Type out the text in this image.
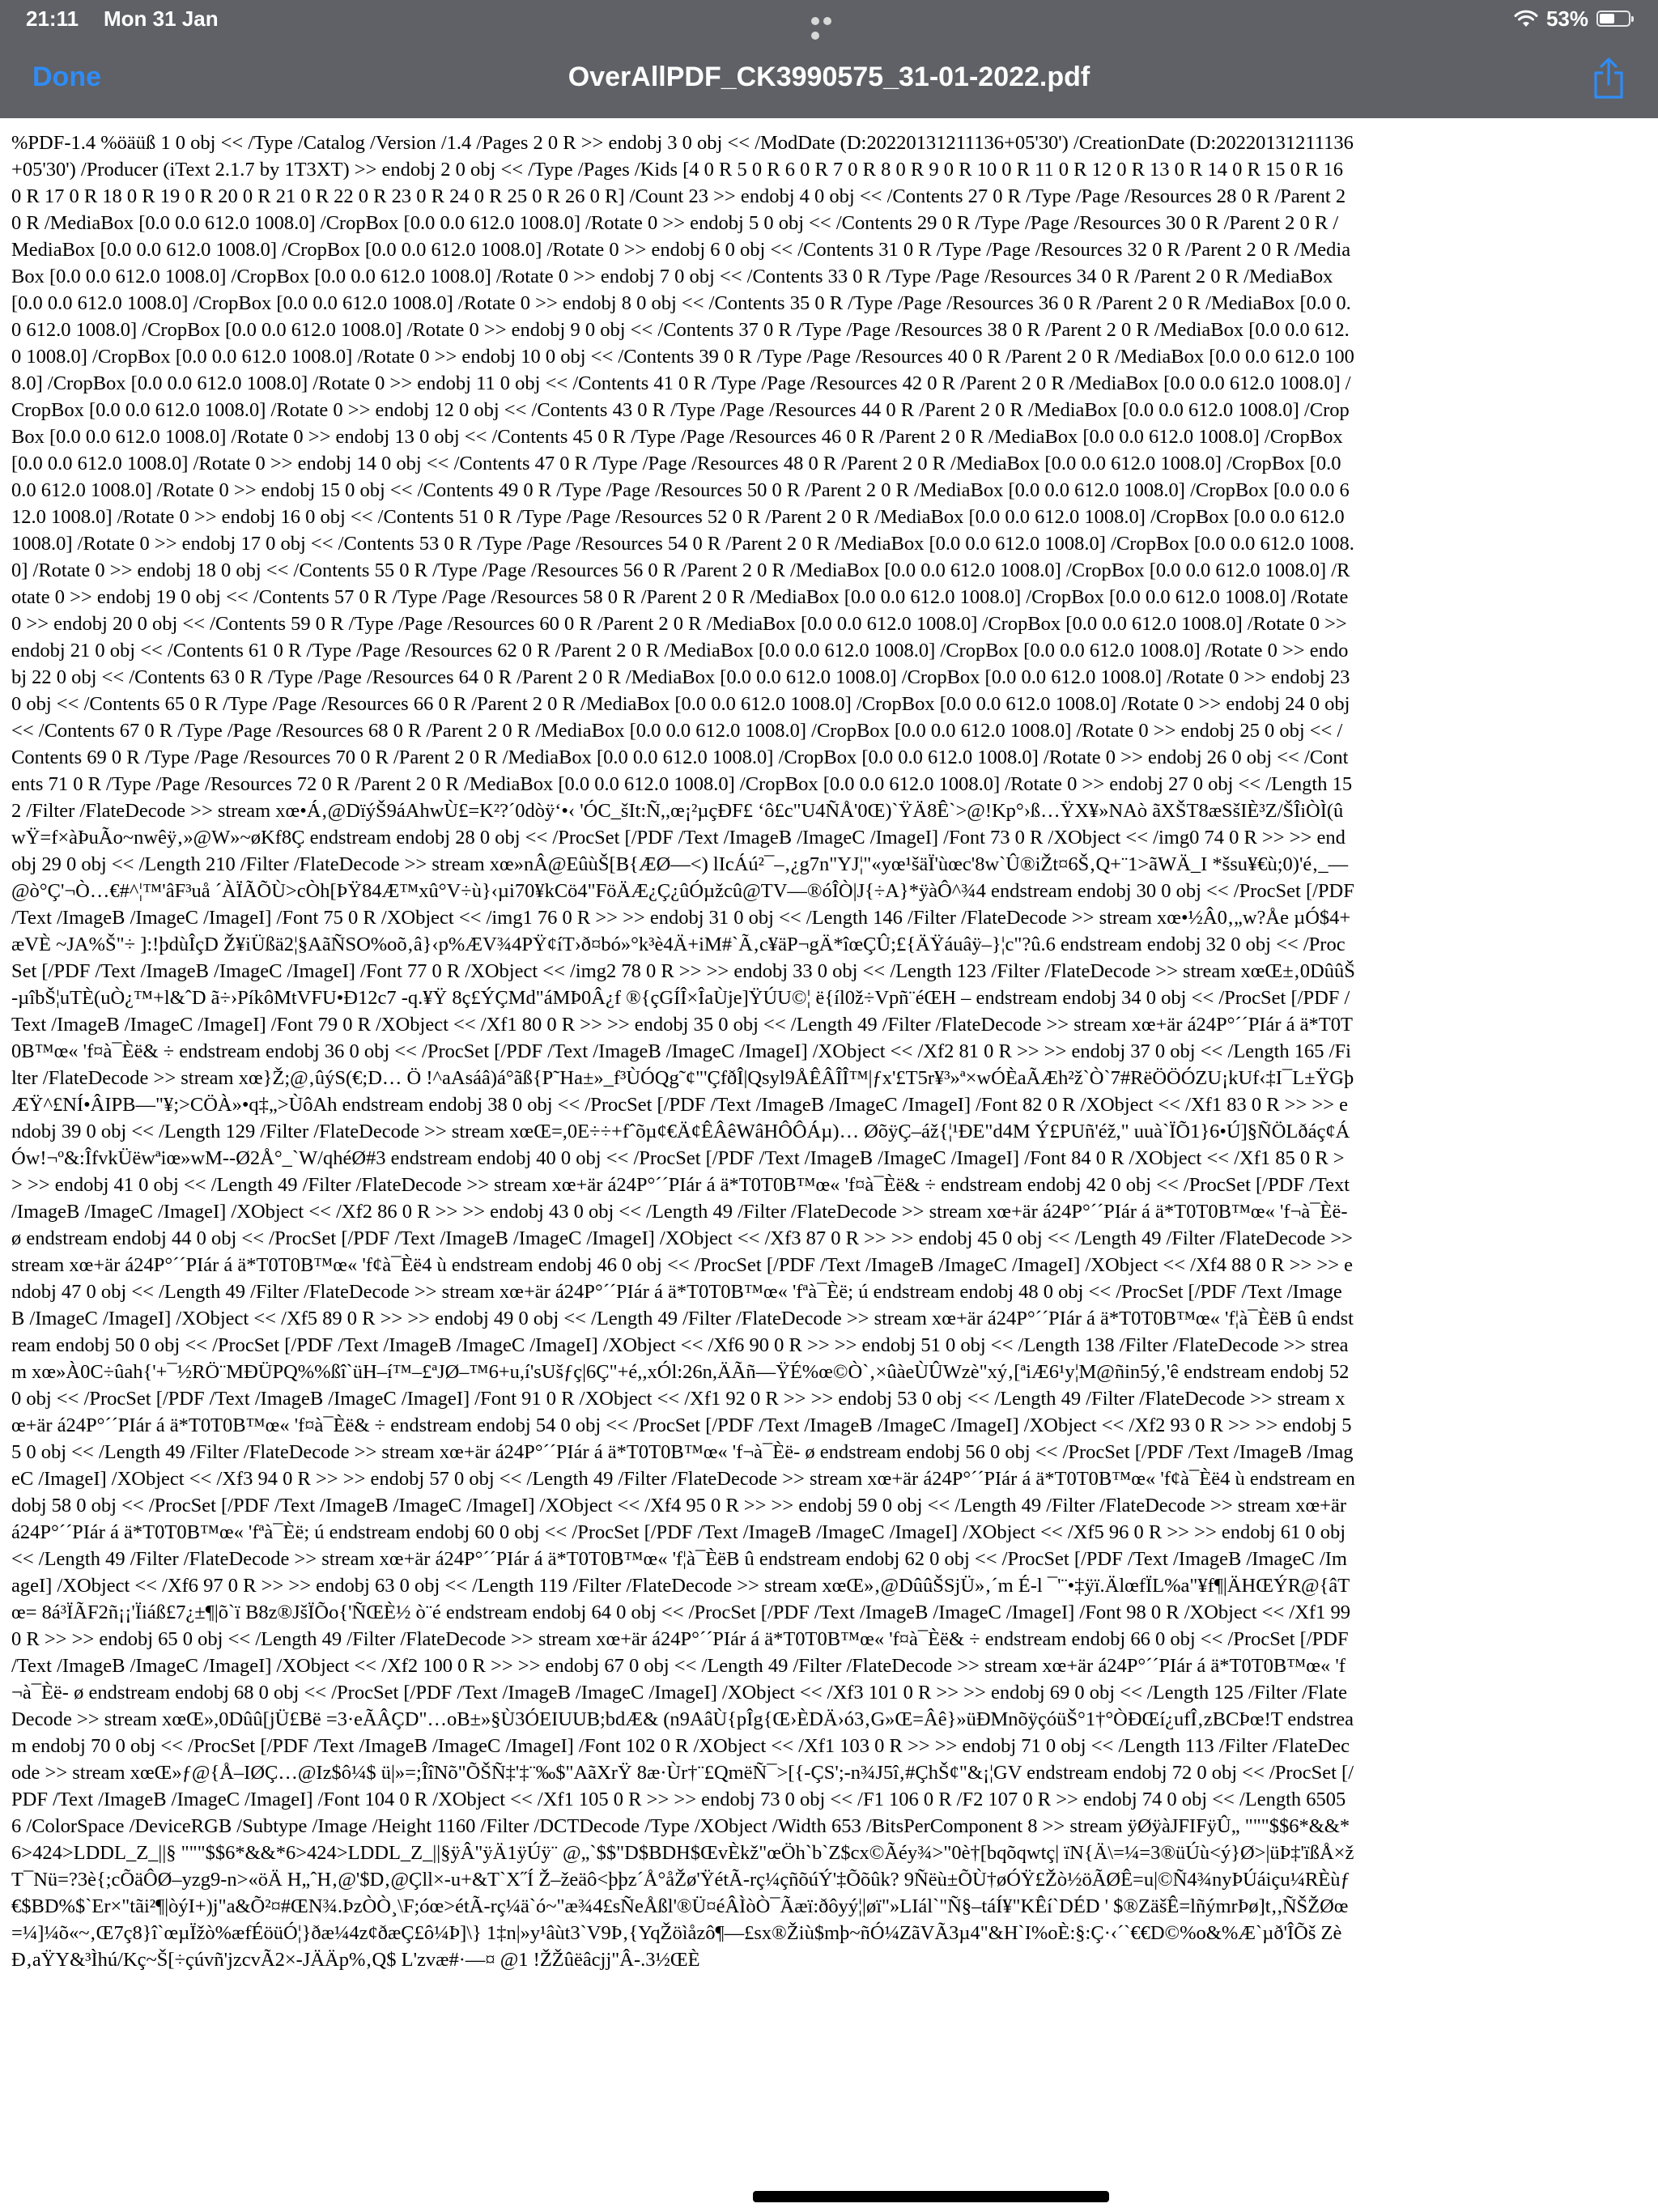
21:11 Mon 31 Jan	53%
Done	OverAllPDF_CK3990575_31-01-2022.pdf
%PDF-1.4 %öäüß 1 0 obj << /Type /Catalog /Version /1.4 /Pages 2 0 R >> endobj 3 0 obj << /ModDate (D:20220131211136+05'30') /CreationDate (D:20220131211136+05'30') /Producer (iText 2.1.7 by 1T3XT) >> endobj 2 0 obj << /Type /Pages /Kids [4 0 R 5 0 R 6 0 R 7 0 R 8 0 R 9 0 R 10 0 R 11 0 R 12 0 R 13 0 R 14 0 R 15 0 R 16 0 R 17 0 R 18 0 R 19 0 R 20 0 R 21 0 R 22 0 R 23 0 R 24 0 R 25 0 R 26 0 R] /Count 23 >> endobj 4 0 obj << /Contents 27 0 R /Type /Page /Resources 28 0 R /Parent 2 0 R /MediaBox [0.0 0.0 612.0 1008.0] /CropBox [0.0 0.0 612.0 1008.0] /Rotate 0 >> endobj 5 0 obj << /Contents 29 0 R /Type /Page /Resources 30 0 R /Parent 2 0 R /MediaBox [0.0 0.0 612.0 1008.0] /CropBox [0.0 0.0 612.0 1008.0] /Rotate 0 >> endobj 6 0 obj << /Contents 31 0 R /Type /Page /Resources 32 0 R /Parent 2 0 R /MediaBox [0.0 0.0 612.0 1008.0] /CropBox [0.0 0.0 612.0 1008.0] /Rotate 0 >> endobj 7 0 obj << /Contents 33 0 R /Type /Page /Resources 34 0 R /Parent 2 0 R /MediaBox [0.0 0.0 612.0 1008.0] /CropBox [0.0 0.0 612.0 1008.0] /Rotate 0 >> endobj 8 0 obj << /Contents 35 0 R /Type /Page /Resources 36 0 R /Parent 2 0 R /MediaBox [0.0 0.0 612.0 1008.0] /CropBox [0.0 0.0 612.0 1008.0] /Rotate 0 >> endobj 9 0 obj << /Contents 37 0 R /Type /Page /Resources 38 0 R /Parent 2 0 R /MediaBox [0.0 0.0 612.0 1008.0] /CropBox [0.0 0.0 612.0 1008.0] /Rotate 0 >> endobj 10 0 obj << /Contents 39 0 R /Type /Page /Resources 40 0 R /Parent 2 0 R /MediaBox [0.0 0.0 612.0 1008.0] /CropBox [0.0 0.0 612.0 1008.0] /Rotate 0 >> endobj 11 0 obj << /Contents 41 0 R /Type /Page /Resources 42 0 R /Parent 2 0 R /MediaBox [0.0 0.0 612.0 1008.0] /CropBox [0.0 0.0 612.0 1008.0] /Rotate 0 >> endobj 12 0 obj << /Contents 43 0 R /Type /Page /Resources 44 0 R /Parent 2 0 R /MediaBox [0.0 0.0 612.0 1008.0] /CropBox [0.0 0.0 612.0 1008.0] /Rotate 0 >> endobj 13 0 obj << /Contents 45 0 R /Type /Page /Resources 46 0 R /Parent 2 0 R /MediaBox [0.0 0.0 612.0 1008.0] /CropBox [0.0 0.0 612.0 1008.0] /Rotate 0 >> endobj 14 0 obj << /Contents 47 0 R /Type /Page /Resources 48 0 R /Parent 2 0 R /MediaBox [0.0 0.0 612.0 1008.0] /CropBox [0.0 0.0 612.0 1008.0] /Rotate 0 >> endobj 15 0 obj << /Contents 49 0 R /Type /Page /Resources 50 0 R /Parent 2 0 R /MediaBox [0.0 0.0 612.0 1008.0] /CropBox [0.0 0.0 612.0 1008.0] /Rotate 0 >> endobj 16 0 obj << /Contents 51 0 R /Type /Page /Resources 52 0 R /Parent 2 0 R /MediaBox [0.0 0.0 612.0 1008.0] /CropBox [0.0 0.0 612.0 1008.0] /Rotate 0 >> endobj 17 0 obj << /Contents 53 0 R /Type /Page /Resources 54 0 R /Parent 2 0 R /MediaBox [0.0 0.0 612.0 1008.0] /CropBox [0.0 0.0 612.0 1008.0] /Rotate 0 >> endobj 18 0 obj << /Contents 55 0 R /Type /Page /Resources 56 0 R /Parent 2 0 R /MediaBox [0.0 0.0 612.0 1008.0] /CropBox [0.0 0.0 612.0 1008.0] /Rotate 0 >> endobj 19 0 obj << /Contents 57 0 R /Type /Page /Resources 58 0 R /Parent 2 0 R /MediaBox [0.0 0.0 612.0 1008.0] /CropBox [0.0 0.0 612.0 1008.0] /Rotate 0 >> endobj 20 0 obj << /Contents 59 0 R /Type /Page /Resources 60 0 R /Parent 2 0 R /MediaBox [0.0 0.0 612.0 1008.0] /CropBox [0.0 0.0 612.0 1008.0] /Rotate 0 >> endobj 21 0 obj << /Contents 61 0 R /Type /Page /Resources 62 0 R /Parent 2 0 R /MediaBox [0.0 0.0 612.0 1008.0] /CropBox [0.0 0.0 612.0 1008.0] /Rotate 0 >> endobj 22 0 obj << /Contents 63 0 R /Type /Page /Resources 64 0 R /Parent 2 0 R /MediaBox [0.0 0.0 612.0 1008.0] /CropBox [0.0 0.0 612.0 1008.0] /Rotate 0 >> endobj 23 0 obj << /Contents 65 0 R /Type /Page /Resources 66 0 R /Parent 2 0 R /MediaBox [0.0 0.0 612.0 1008.0] /CropBox [0.0 0.0 612.0 1008.0] /Rotate 0 >> endobj 24 0 obj << /Contents 67 0 R /Type /Page /Resources 68 0 R /Parent 2 0 R /MediaBox [0.0 0.0 612.0 1008.0] /CropBox [0.0 0.0 612.0 1008.0] /Rotate 0 >> endobj 25 0 obj << /Contents 69 0 R /Type /Page /Resources 70 0 R /Parent 2 0 R /MediaBox [0.0 0.0 612.0 1008.0] /CropBox [0.0 0.0 612.0 1008.0] /Rotate 0 >> endobj 26 0 obj << /Contents 71 0 R /Type /Page /Resources 72 0 R /Parent 2 0 R /MediaBox [0.0 0.0 612.0 1008.0] /CropBox [0.0 0.0 612.0 1008.0] /Rotate 0 >> endobj 27 0 obj << /Length 152 /Filter /FlateDecode >> stream xœ•Á‚@DïýŠ9áAhwÙ£=K²?´0dòÿ‘•‹ 'ÓC_šIt:Ñ,,œ¡²µçÐF£ ‘ô£c"U4ÑÅ'0Œ)`ŸÄ8Ê`>@!Kp°›ß…ŸX¥»NAò ãXŠT8æSšIÈ³Z/ŠÎiÒÌ(ûwŸ=f×àÞuÃo~nwêÿ‚»@W»~øKf8Ç endstream endobj 28 0 obj << /ProcSet [/PDF /Text /ImageB /ImageC /ImageI] /Font 73 0 R /XObject << /img0 74 0 R >> >> endobj 29 0 obj << /Length 210 /Filter /FlateDecode >> stream xœ»nÂ@EûùŠ[B{ÆØ—<) lIcÁú²¯–‚¿g7n"YJ¦"«yœ¹šäÏ'ùœc'8w`Û®iŽt¤6Š‚Q+¨1>ãWÄ_I *šsu¥€ù;0)'é‚_—@ò°Ç'¬Ò…€#^¦™'âF³uå ´ÀÏÃÕÙ>cÒh[ÞŸ84Æ™xû°V÷ù}‹µi70¥kCö4"FöÄÆ¿Ç¿ûÓµžcû@TV—®óÎÒ|J{÷A}*ÿàÔ^¾4 endstream endobj 30 0 obj << /ProcSet [/PDF /Text /ImageB /ImageC /ImageI] /Font 75 0 R /XObject << /img1 76 0 R >> >> endobj 31 0 obj << /Length 146 /Filter /FlateDecode >> stream xœ•½Â0‚„w?Åe µÓ$4+æVÈ ~JA%Š"÷ ]:!þdùÎçD Ž¥iÜßä2¦§AãÑSO%oõ‚â}‹p%ÆV¾4PŸ¢íT›ð¤bó»°k³è4Ä+iM#`Ã‚c¥äP¬gÄ*îœÇÛ;£{ÄŸáuâÿ–}¦c"?û.6 endstream endobj 32 0 obj << /ProcSet [/PDF /Text /ImageB /ImageC /ImageI] /Font 77 0 R /XObject << /img2 78 0 R >> >> endobj 33 0 obj << /Length 123 /Filter /FlateDecode >> stream xœŒ±‚0DûûŠ-µîbŠ¦uTÈ(uÒ¿™+l&ˆD ã÷›PíkôMtVFU•Ð12c7 -q.¥Ÿ 8ç£ÝÇMd"áMÞ0Â¿f ®{çGÍÎ×ÎaÙje]ŸÚU©¦ ë{íl0ž÷Vpñ¨éŒH – endstream endobj 34 0 obj << /ProcSet [/PDF /Text /ImageB /ImageC /ImageI] /Font 79 0 R /XObject << /Xf1 80 0 R >> >> endobj 35 0 obj << /Length 49 /Filter /FlateDecode >> stream xœ+är á24P°´´PIár á ä*T0T0B™œ« 'f¤à¯Èë& ÷ endstream endobj 36 0 obj << /ProcSet [/PDF /Text /ImageB /ImageC /ImageI] /XObject << /Xf2 81 0 R >> >> endobj 37 0 obj << /Length 165 /Filter /FlateDecode >> stream xœ}Ž;@‚ûýS(€;D… Ö !^aAsáâ)á°ãß{P˜Ha±»_f³ÙÓQg˜¢"'ÇfðÎ|Qsyl9ÅÊÂÎÎ™|ƒx'£T5r¥³»ª×wÓÈaÃÆh²ž`Ò`7#RëÖÖÓZU¡kUf‹‡I¯L±ŸGþÆŸ^£NÍ•ÂIPB—"¥;>CÖÀ»•q‡„>ÙôAh endstream endobj 38 0 obj << /ProcSet [/PDF /Text /ImageB /ImageC /ImageI] /Font 82 0 R /XObject << /Xf1 83 0 R >> >> endobj 39 0 obj << /Length 129 /Filter /FlateDecode >> stream xœŒ=,0E÷÷+fˆõµ¢€Ä¢ÊÂêWâHÔÔÁµ)… ØõÿÇ–áž{¦¹ÐE"d4M Ý£PUñ'éž," uuà`ÏÕ1}6•Ú]§ÑÖLðáç¢ÁÓw!¬º&:ÎfvkÜëwªiœ»wM--Ø2Å°_`W/qhéØ#3 endstream endobj 40 0 obj << /ProcSet [/PDF /Text /ImageB /ImageC /ImageI] /Font 84 0 R /XObject << /Xf1 85 0 R >> >> endobj 41 0 obj << /Length 49 /Filter /FlateDecode >> stream xœ+är á24P°´´PIár á ä*T0T0B™œ« 'f¤à¯Èë& ÷ endstream endobj 42 0 obj << /ProcSet [/PDF /Text /ImageB /ImageC /ImageI] /XObject << /Xf2 86 0 R >> >> endobj 43 0 obj << /Length 49 /Filter /FlateDecode >> stream xœ+är á24P°´´PIár á ä*T0T0B™œ« 'f¬à¯Èë- ø endstream endobj 44 0 obj << /ProcSet [/PDF /Text /ImageB /ImageC /ImageI] /XObject << /Xf3 87 0 R >> >> endobj 45 0 obj << /Length 49 /Filter /FlateDecode >> stream xœ+är á24P°´´PIár á ä*T0T0B™œ« 'f¢à¯Èë4 ù endstream endobj 46 0 obj << /ProcSet [/PDF /Text /ImageB /ImageC /ImageI] /XObject << /Xf4 88 0 R >> >> endobj 47 0 obj << /Length 49 /Filter /FlateDecode >> stream xœ+är á24P°´´PIár á ä*T0T0B™œ« 'fªà¯Èë; ú endstream endobj 48 0 obj << /ProcSet [/PDF /Text /ImageB /ImageC /ImageI] /XObject << /Xf5 89 0 R >> >> endobj 49 0 obj << /Length 49 /Filter /FlateDecode >> stream xœ+är á24P°´´PIár á ä*T0T0B™œ« 'f¦à¯ÈëB û endstream endobj 50 0 obj << /ProcSet [/PDF /Text /ImageB /ImageC /ImageI] /XObject << /Xf6 90 0 R >> >> endobj 51 0 obj << /Length 138 /Filter /FlateDecode >> stream xœ»À0C÷ûah{'+¯½RÖ¨MÐÜPQ%%ßî`üH–í™–£ªJØ–™6+u,í'sUšƒç|6Ç"+é,,xÓl:26n,ÄÃñ—ŸÉ%œ©Ò`‚×ûàeÙÛWzè"xý‚[ªiÆ6¹y¦M@ñin5ý‚'ê endstream endobj 52 0 obj << /ProcSet [/PDF /Text /ImageB /ImageC /ImageI] /Font 91 0 R /XObject << /Xf1 92 0 R >> >> endobj 53 0 obj << /Length 49 /Filter /FlateDecode >> stream xœ+är á24P°´´PIár á ä*T0T0B™œ« 'f¤à¯Èë& ÷ endstream endobj 54 0 obj << /ProcSet [/PDF /Text /ImageB /ImageC /ImageI] /XObject << /Xf2 93 0 R >> >> endobj 55 0 obj << /Length 49 /Filter /FlateDecode >> stream xœ+är á24P°´´PIár á ä*T0T0B™œ« 'f¬à¯Èë- ø endstream endobj 56 0 obj << /ProcSet [/PDF /Text /ImageB /ImageC /ImageI] /XObject << /Xf3 94 0 R >> >> endobj 57 0 obj << /Length 49 /Filter /FlateDecode >> stream xœ+är á24P°´´PIár á ä*T0T0B™œ« 'f¢à¯Èë4 ù endstream endobj 58 0 obj << /ProcSet [/PDF /Text /ImageB /ImageC /ImageI] /XObject << /Xf4 95 0 R >> >> endobj 59 0 obj << /Length 49 /Filter /FlateDecode >> stream xœ+är á24P°´´PIár á ä*T0T0B™œ« 'fªà¯Èë; ú endstream endobj 60 0 obj << /ProcSet [/PDF /Text /ImageB /ImageC /ImageI] /XObject << /Xf5 96 0 R >> >> endobj 61 0 obj << /Length 49 /Filter /FlateDecode >> stream xœ+är á24P°´´PIár á ä*T0T0B™œ« 'f¦à¯ÈëB û endstream endobj 62 0 obj << /ProcSet [/PDF /Text /ImageB /ImageC /ImageI] /XObject << /Xf6 97 0 R >> >> endobj 63 0 obj << /Length 119 /Filter /FlateDecode >> stream xœŒ»‚@DûûŠSjÜ»‚´m É-l ¯'¨•‡ÿï.ÄlœfÏL%a"¥f¶|ÄHŒÝR@{âTœ= 8á³ÏÃF2ñ¡¡'Ïiáß£7¿±¶|õ`ï B8z®JšÏÕo{'ÑŒÈ½ ò¨é endstream endobj 64 0 obj << /ProcSet [/PDF /Text /ImageB /ImageC /ImageI] /Font 98 0 R /XObject << /Xf1 99 0 R >> >> endobj 65 0 obj << /Length 49 /Filter /FlateDecode >> stream xœ+är á24P°´´PIár á ä*T0T0B™œ« 'f¤à¯Èë& ÷ endstream endobj 66 0 obj << /ProcSet [/PDF /Text /ImageB /ImageC /ImageI] /XObject << /Xf2 100 0 R >> >> endobj 67 0 obj << /Length 49 /Filter /FlateDecode >> stream xœ+är á24P°´´PIár á ä*T0T0B™œ« 'f¬à¯Èë- ø endstream endobj 68 0 obj << /ProcSet [/PDF /Text /ImageB /ImageC /ImageI] /XObject << /Xf3 101 0 R >> >> endobj 69 0 obj << /Length 125 /Filter /FlateDecode >> stream xœŒ»,0Dûû[jÜ£Bë =3·eÃÂÇD"…oB±»§Ù3ÓEIUUB;bdÆ& (n9AâÙ{pÎg{Œ›ÈDÄ›ó3‚G»Œ=Âê}»üÐMnõÿçóüŠ°1†°ÒÐŒí¿ufÎ‚zBCÞœ!T endstream endobj 70 0 obj << /ProcSet [/PDF /Text /ImageB /ImageC /ImageI] /Font 102 0 R /XObject << /Xf1 103 0 R >> >> endobj 71 0 obj << /Length 113 /Filter /FlateDecode >> stream xœŒ»ƒ@{Å–IØÇ…@Iz$ô¼$ ü|»=;ÎîNõ"ÕŠÑ‡'‡¨‰$"AãXrŸ 8æ·Ùr†¨£QmëÑ¯>[{-ÇS';-n¾J5î‚#ÇhŠ¢"&¡¦GV endstream endobj 72 0 obj << /ProcSet [/PDF /Text /ImageB /ImageC /ImageI] /Font 104 0 R /XObject << /Xf1 105 0 R >> >> endobj 73 0 obj << /F1 106 0 R /F2 107 0 R >> endobj 74 0 obj << /Length 65056 /ColorSpace /DeviceRGB /Subtype /Image /Height 1160 /Filter /DCTDecode /Type /XObject /Width 653 /BitsPerComponent 8 >> stream ÿØÿàJFIFÿÛ„ """$$6*&&*6>424>LDDL_Z_||§ """$$6*&&*6>424>LDDL_Z_||§ÿÂ"ÿÄ1ÿÚÿ¨ @„`$$"D$BDH$ŒvÈkž"œÖh`b`Z$cx©Ãéy¾>"0è†[bqõqwtç| ïN{Ä\=¼=3®üÚù<ý}Ø>|üÞ‡'ïßÅ×žT¯Nü=?3è{;cÕäÔØ–yzg9-n>«öÄ H„ˆH‚@'$D‚@Çll×-u+&T`X˝Í Ž–žeäô<þþz´Å°åŽø'ŸétÃ-rç¼çñõúÝ'‡Õõûk? 9Ñëù±ÕÙ†øÓŸ£Žò½öÃØÊ=u|©Ñ4¾nyÞÚáiçu¼RÈùƒ€$BD%$`Er×"tãi²¶|òýI+)j"a&Õ²¤#ŒN¾.ÞzÒÒ¸\F;óœ>étÃ-rç¼ä`ó~"æ¾4£sÑeÅßl'®Ü¤éÂÌòÒ¯Ãæï:ðôyý¦|øï"»LIál`"Ñ§–táÍ¥"KÊí`DÉD ' $®ZäšÊ=lñýmrÞø]t‚,ÑŠŽØœ=¼]¼õ«~‚Œ7ç8}î`œµÏžò%æfÉöüÓ¦}ðæ¼4z¢ðæÇ£ô¼Þ]\} 1‡n|»y¹âùt3`V9Þ‚{YqŽöìåzô¶—£sx®Žiù$mþ~ñÓ¼ZãVÃ3µ4"&H`I%oÈ:§:Ç·‹´`€€D©%o&%Æ`µð'ÎÕš ZèÐ‚aŸY&³Ìhú/Kç~Š[÷çúvñ'jzcvÃ2×-JÄÄp%‚Q$ L'zvæ#·—¤ @1 !ŽŽûëâcjj"Â-.3½ŒÈ
